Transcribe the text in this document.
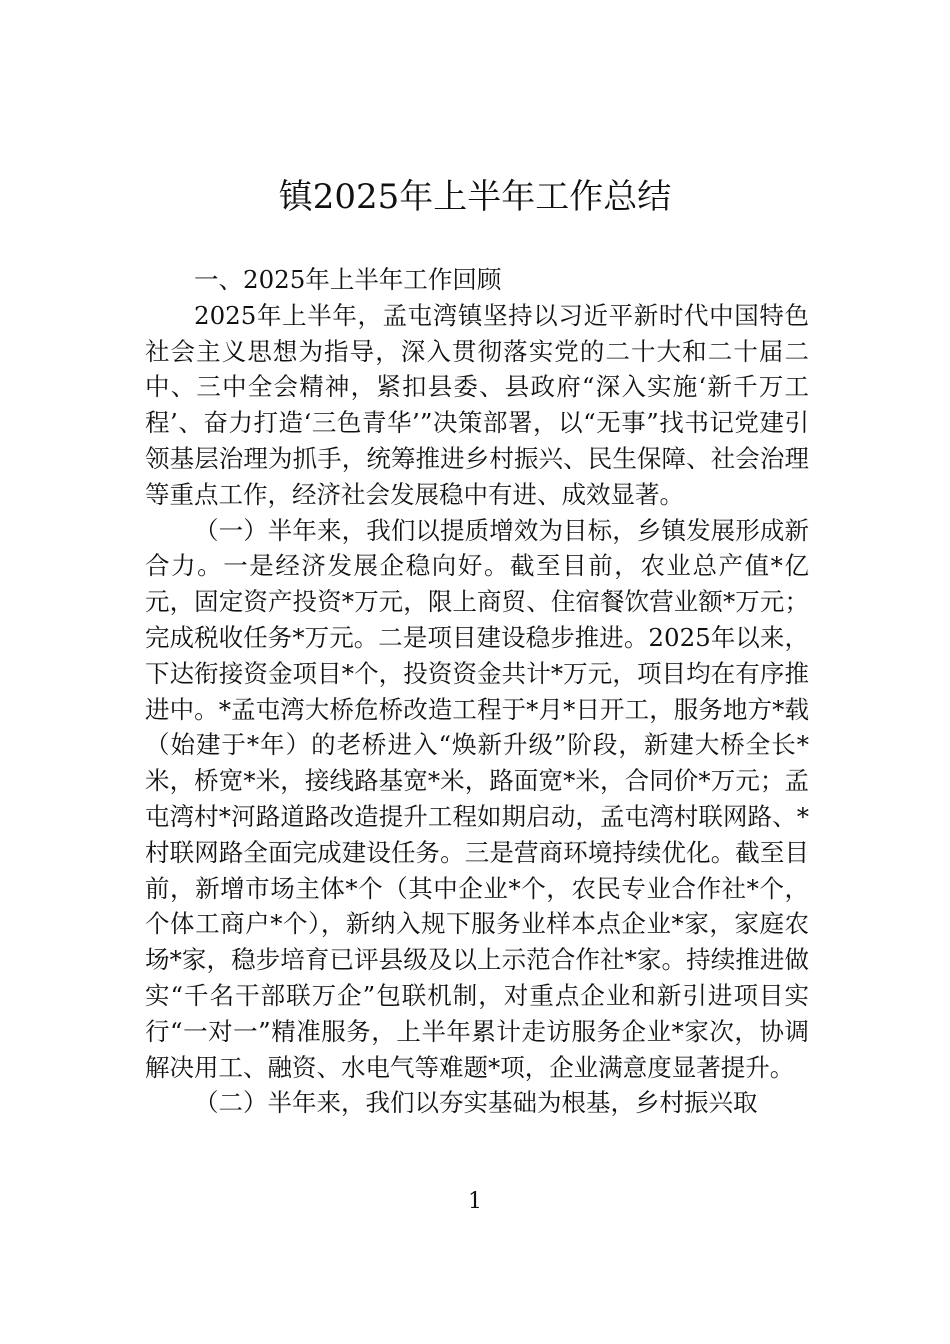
镇2025年上半年工作总结
一、2025年上半年工作回顾

2025年上半年，孟屯湾镇坚持以习近平新时代中国特色社会主义思想为指导，深入贯彻落实党的二十大和二十届二中、三中全会精神，紧扣县委、县政府“深入实施‘新千万工程’、奋力打造‘三色青华’”决策部署，以“无事”找书记党建引领基层治理为抓手，统筹推进乡村振兴、民生保障、社会治理等重点工作，经济社会发展稳中有进、成效显著。

（一）半年来，我们以提质增效为目标，乡镇发展形成新合力。一是经济发展企稳向好。截至目前，农业总产值*亿元，固定资产投资*万元，限上商贸、住宿餐饮营业额*万元；完成税收任务*万元。二是项目建设稳步推进。2025年以来，下达衔接资金项目*个，投资资金共计*万元，项目均在有序推进中。*孟屯湾大桥危桥改造工程于*月*日开工，服务地方*载（始建于*年）的老桥进入“焕新升级”阶段，新建大桥全长*米，桥宽*米，接线路基宽*米，路面宽*米，合同价*万元；孟屯湾村*河路道路改造提升工程如期启动，孟屯湾村联网路、*村联网路全面完成建设任务。三是营商环境持续优化。截至目前，新增市场主体*个（其中企业*个，农民专业合作社*个，个体工商户*个），新纳入规下服务业样本点企业*家，家庭农场*家，稳步培育已评县级及以上示范合作社*家。持续推进做实“千名干部联万企”包联机制，对重点企业和新引进项目实行“一对一”精准服务，上半年累计走访服务企业*家次，协调解决用工、融资、水电气等难题*项，企业满意度显著提升。

（二）半年来，我们以夯实基础为根基，乡村振兴取

1
